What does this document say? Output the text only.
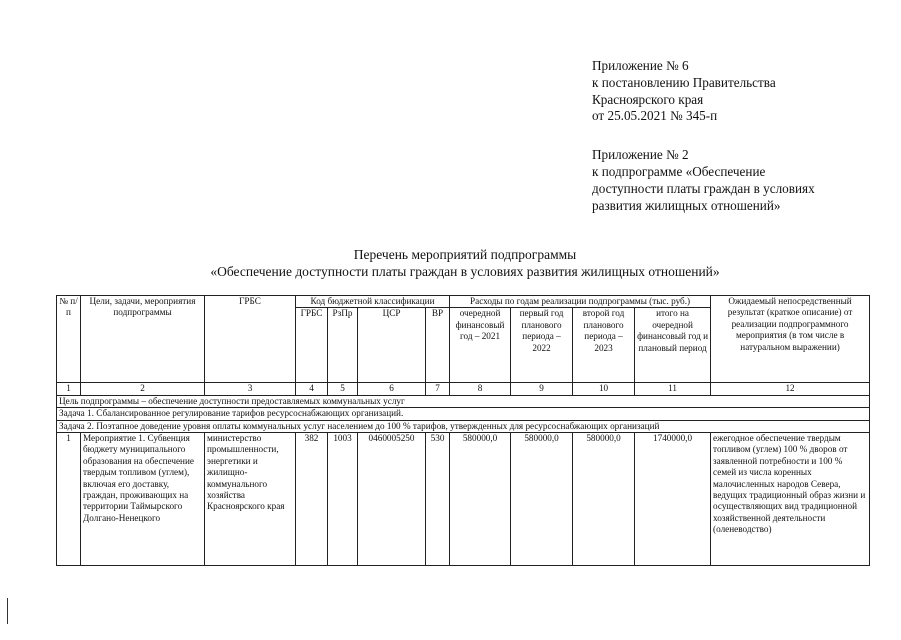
Приложение № 6
к постановлению Правительства
Красноярского края
от 25.05.2021 № 345-п
Приложение № 2
к подпрограмме «Обеспечение
доступности платы граждан в условиях
развития жилищных отношений»
Перечень мероприятий подпрограммы
«Обеспечение доступности платы граждан в условиях развития жилищных отношений»
№ п/п	Цели, задачи, мероприятия подпрограммы	ГРБС	Код бюджетной классификации				Расходы по годам реализации подпрограммы (тыс. руб.)				Ожидаемый непосредственный результат (краткое описание) от реализации подпрограммного мероприятия (в том числе в натуральном выражении)
			ГРБС	РзПр	ЦСР	ВР	очередной финансовый год – 2021	первый год планового периода – 2022	второй год планового периода – 2023	итого на очередной финансовый год и плановый период	
1	2	3	4	5	6	7	8	9	10	11	12
Цель подпрограммы – обеспечение доступности предоставляемых коммунальных услуг											
Задача 1. Сбалансированное регулирование тарифов ресурсоснабжающих организаций.											
Задача 2. Поэтапное доведение уровня оплаты коммунальных услуг населением до 100 % тарифов, утвержденных для ресурсоснабжающих организаций											
1	Мероприятие 1. Субвенция бюджету муниципального образования на обеспечение твердым топливом (углем), включая его доставку, граждан, проживающих на территории Таймырского Долгано-Ненецкого	министерство промышленности, энергетики и жилищно-коммунального хозяйства Красноярского края	382	1003	0460005250	530	580000,0	580000,0	580000,0	1740000,0	ежегодное обеспечение твердым топливом (углем) 100 % дворов от заявленной потребности и 100 % семей из числа коренных малочисленных народов Севера, ведущих традиционный образ жизни и осуществляющих вид традиционной хозяйственной деятельности (оленеводство)
